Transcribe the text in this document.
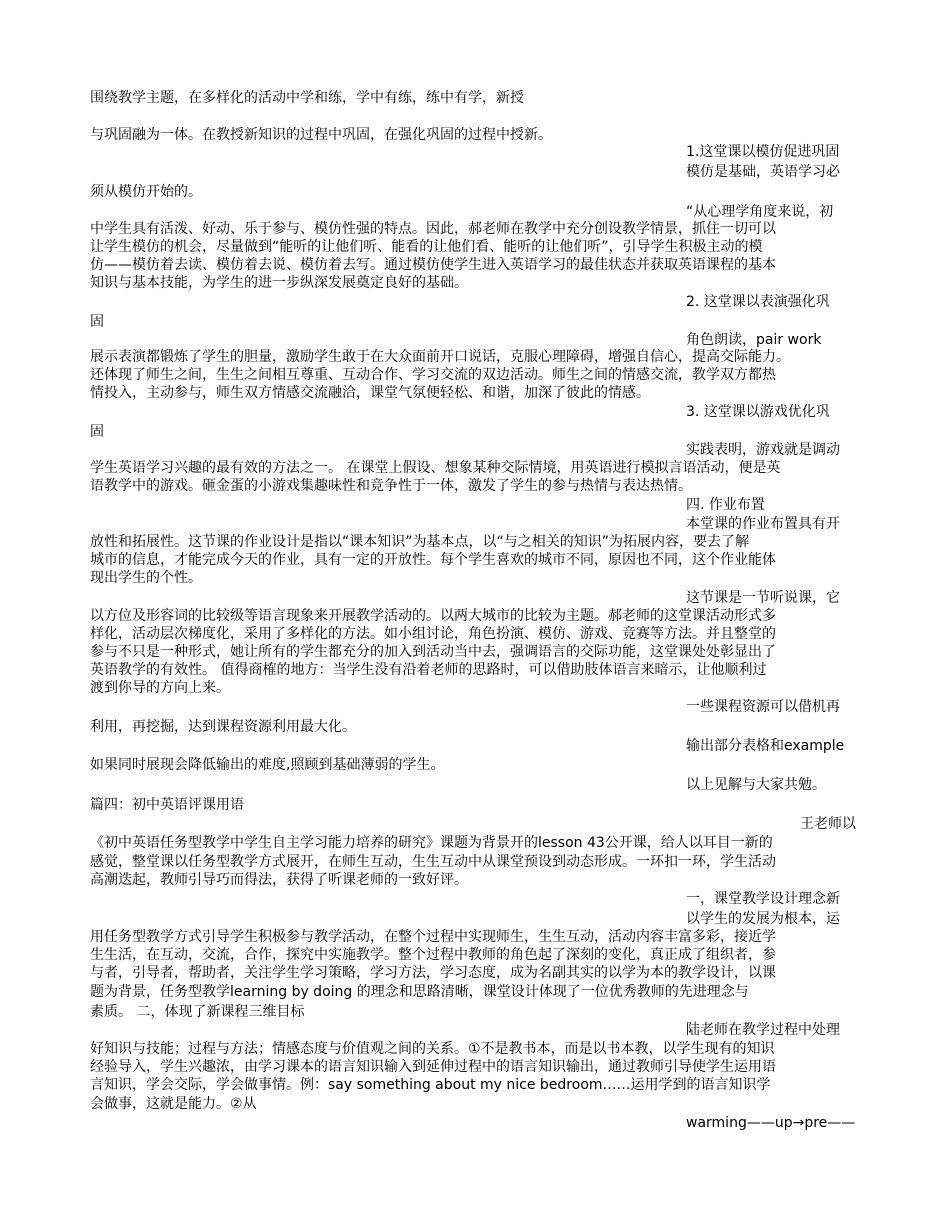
围绕教学主题，在多样化的活动中学和练，学中有练，练中有学，新授
与巩固融为一体。在教授新知识的过程中巩固，在强化巩固的过程中授新。
1.这堂课以模仿促进巩固
模仿是基础，英语学习必
须从模仿开始的。
“从心理学角度来说，初
中学生具有活泼、好动、乐于参与、模仿性强的特点。因此，郝老师在教学中充分创设教学情景，抓住一切可以
让学生模仿的机会，尽量做到“能听的让他们听、能看的让他们看、能听的让他们听”，引导学生积极主动的模
仿——模仿着去读、模仿着去说、模仿着去写。通过模仿使学生进入英语学习的最佳状态并获取英语课程的基本
知识与基本技能，为学生的进一步纵深发展奠定良好的基础。
2. 这堂课以表演强化巩
固
角色朗读，pair work
展示表演都锻炼了学生的胆量，激励学生敢于在大众面前开口说话，克服心理障碍，增强自信心，提高交际能力。
还体现了师生之间，生生之间相互尊重、互动合作、学习交流的双边活动。师生之间的情感交流，教学双方都热
情投入，主动参与，师生双方情感交流融洽，课堂气氛便轻松、和谐，加深了彼此的情感。
3. 这堂课以游戏优化巩
固
实践表明，游戏就是调动
学生英语学习兴趣的最有效的方法之一。 在课堂上假设、想象某种交际情境，用英语进行模拟言语活动，便是英
语教学中的游戏。砸金蛋的小游戏集趣味性和竞争性于一体，激发了学生的参与热情与表达热情。
四. 作业布置
本堂课的作业布置具有开
放性和拓展性。这节课的作业设计是指以“课本知识”为基本点，以“与之相关的知识”为拓展内容，要去了解
城市的信息，才能完成今天的作业，具有一定的开放性。每个学生喜欢的城市不同，原因也不同，这个作业能体
现出学生的个性。
这节课是一节听说课，它
以方位及形容词的比较级等语言现象来开展教学活动的。以两大城市的比较为主题。郝老师的这堂课活动形式多
样化，活动层次梯度化，采用了多样化的方法。如小组讨论，角色扮演、模仿、游戏、竞赛等方法。并且整堂的
参与不只是一种形式，她让所有的学生都充分的加入到活动当中去，强调语言的交际功能，这堂课处处彰显出了
英语教学的有效性。 值得商榷的地方：当学生没有沿着老师的思路时，可以借助肢体语言来暗示，让他顺利过
渡到你导的方向上来。
一些课程资源可以借机再
利用，再挖掘，达到课程资源利用最大化。
输出部分表格和example
如果同时展现会降低输出的难度,照顾到基础薄弱的学生。
以上见解与大家共勉。
篇四：初中英语评课用语
王老师以
《初中英语任务型教学中学生自主学习能力培养的研究》课题为背景开的lesson 43公开课，给人以耳目一新的
感觉，整堂课以任务型教学方式展开，在师生互动，生生互动中从课堂预设到动态形成。一环扣一环，学生活动
高潮迭起，教师引导巧而得法，获得了听课老师的一致好评。
一，课堂教学设计理念新
以学生的发展为根本，运
用任务型教学方式引导学生积极参与教学活动，在整个过程中实现师生，生生互动，活动内容丰富多彩，接近学
生生活，在互动，交流，合作，探究中实施教学。整个过程中教师的角色起了深刻的变化，真正成了组织者，参
与者，引导者，帮助者，关注学生学习策略，学习方法，学习态度，成为名副其实的以学为本的教学设计，以课
题为背景，任务型教学learning by doing 的理念和思路清晰，课堂设计体现了一位优秀教师的先进理念与
素质。 二，体现了新课程三维目标
陆老师在教学过程中处理
好知识与技能；过程与方法；情感态度与价值观之间的关系。①不是教书本，而是以书本教，以学生现有的知识
经验导入，学生兴趣浓，由学习课本的语言知识输入到延伸过程中的语言知识输出，通过教师引导使学生运用语
言知识，学会交际，学会做事情。例：say something about my nice bedroom……运用学到的语言知识学
会做事，这就是能力。②从
warming——up→pre——
